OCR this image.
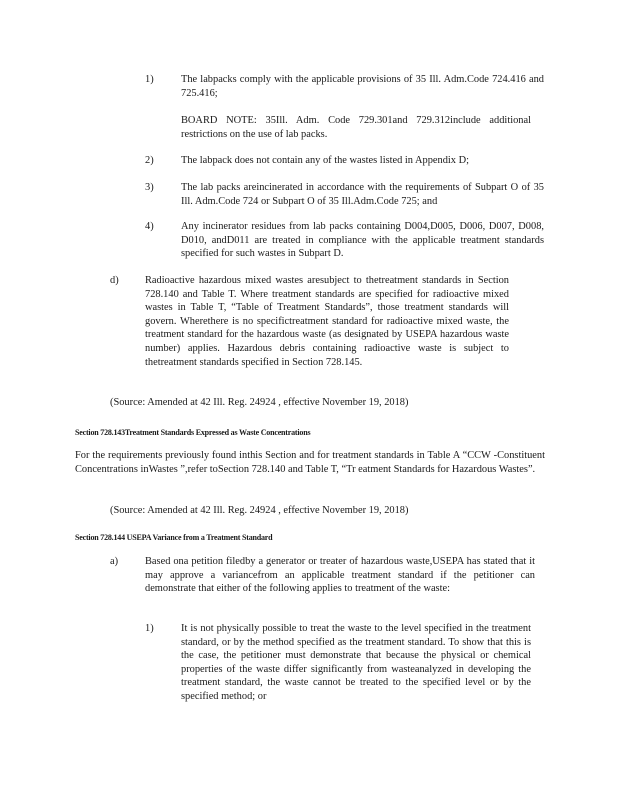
1)	The labpacks comply with the applicable provisions of 35 Ill. Adm.Code 724.416 and 725.416;

BOARD NOTE: 35Ill. Adm. Code 729.301and 729.312include additional restrictions on the use of lab packs.

2)	The labpack does not contain any of the wastes listed in Appendix D;

3)	The lab packs areincinerated in accordance with the requirements of Subpart O of 35 Ill. Adm.Code 724 or Subpart O of 35 Ill.Adm.Code 725; and

4)	Any incinerator residues from lab packs containing D004,D005, D006, D007, D008, D010, andD011 are treated in compliance with the applicable treatment standards specified for such wastes in Subpart D.

d)	Radioactive hazardous mixed wastes aresubject to thetreatment standards in Section 728.140 and Table T. Where treatment standards are specified for radioactive mixed wastes in Table T, “Table of Treatment Standards”, those treatment standards will govern. Wherethere is no specifictreatment standard for radioactive mixed waste, the treatment standard for the hazardous waste (as designated by USEPA hazardous waste number) applies. Hazardous debris containing radioactive waste is subject to thetreatment standards specified in Section 728.145.

(Source: Amended at 42 Ill. Reg. 24924 , effective November 19, 2018)

Section 728.143Treatment Standards Expressed as Waste Concentrations

For the requirements previously found inthis Section and for treatment standards in Table A “CCW -Constituent Concentrations inWastes ”,refer toSection 728.140 and Table T, “Tr eatment Standards for Hazardous Wastes”.

(Source: Amended at 42 Ill. Reg. 24924 , effective November 19, 2018)

Section 728.144 USEPA Variance from a Treatment Standard

a)	Based ona petition filedby a generator or treater of hazardous waste,USEPA has stated that it may approve a variancefrom an applicable treatment standard if the petitioner can demonstrate that either of the following applies to treatment of the waste:

1)	It is not physically possible to treat the waste to the level specified in the treatment standard, or by the method specified as the treatment standard. To show that this is the case, the petitioner must demonstrate that because the physical or chemical properties of the waste differ significantly from wasteanalyzed in developing the treatment standard, the waste cannot be treated to the specified level or by the specified method; or
